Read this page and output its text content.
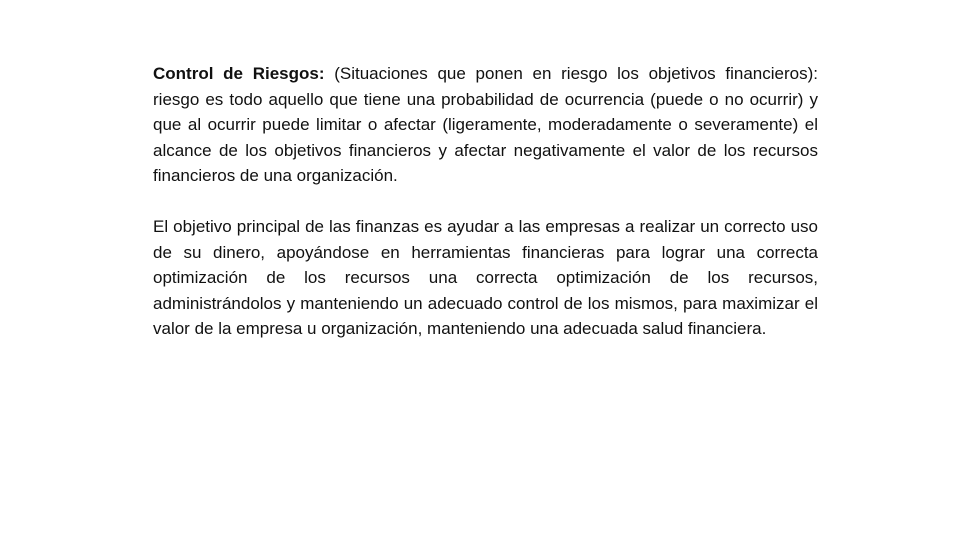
Control de Riesgos: (Situaciones que ponen en riesgo los objetivos financieros): riesgo es todo aquello que tiene una probabilidad de ocurrencia (puede o no ocurrir) y que al ocurrir puede limitar o afectar (ligeramente, moderadamente o severamente) el alcance de los objetivos financieros y afectar negativamente el valor de los recursos financieros de una organización.

El objetivo principal de las finanzas es ayudar a las empresas a realizar un correcto uso de su dinero, apoyándose en herramientas financieras para lograr una correcta optimización de los recursos una correcta optimización de los recursos, administrándolos y manteniendo un adecuado control de los mismos, para maximizar el valor de la empresa u organización, manteniendo una adecuada salud financiera.
